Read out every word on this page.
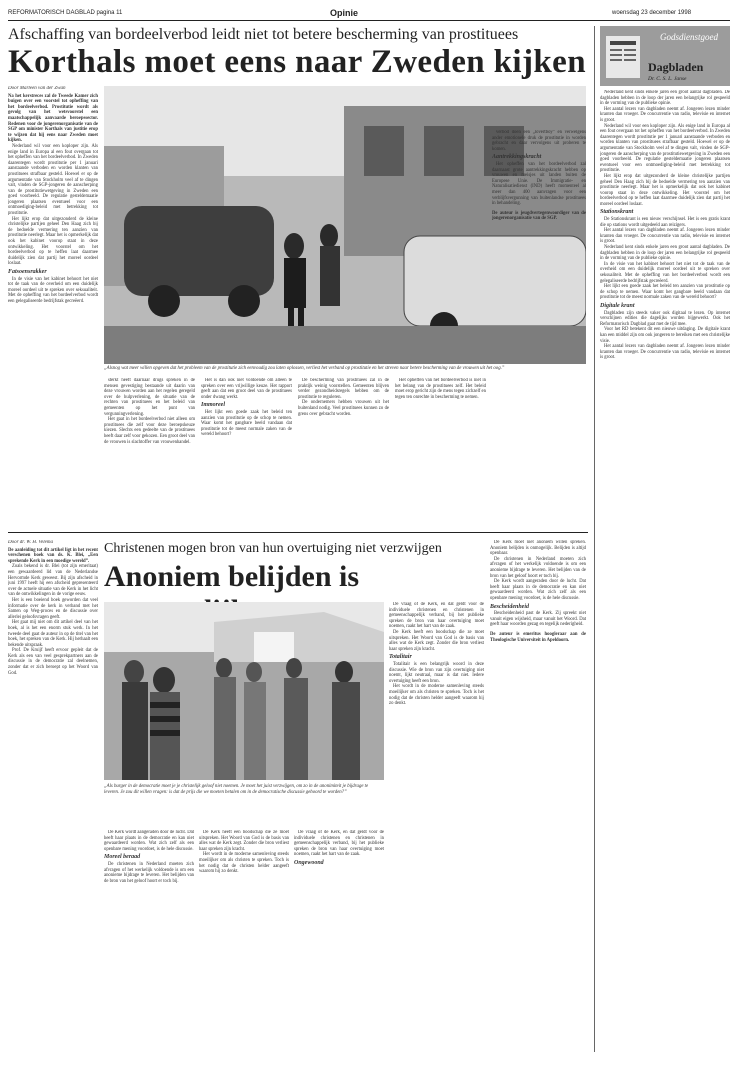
REFORMATORISCH DAGBLAD pagina 11	Opinie	woensdag 23 december 1998
Afschaffing van bordeelverbod leidt niet tot betere bescherming van prostituees
Korthals moet eens naar Zweden kijken
„Alsnog wat meer willen opgeven dat het probleem van de prostitutie zich eenvoudig zou laten oplossen, verliest het verband op prostitutie en het streven naar betere bescherming van de vrouwen uit het oog.”

Door Marleen van der Zwan

Na het kerstreces zal de Tweede Kamer zich buigen over een voorstel tot opheffing van het bordeelverbod. Prostitutie wordt als gevolg van het wetsvoorstel een maatschappelijk aanvaarde beroepssector. Redenen voor de jongerenorganisatie van de SGP om minister Korthals van justitie erop te wijzen dat hij eens naar Zweden moet kijken.

Nederland wil voor een koploper zijn. Als enige land in Europa al een fout overgaan tot het opheffen van het bordeelverbod. In Zweden daarentegen wordt prostitutie per 1 januari aanstaande verboden en worden klanten van prostituees strafbaar gesteld. Hoewel er op de argumentatie van Stockholm veel af te dingen valt, vinden de SGP-jongeren de aanscherping van de prostitutiewetgeving in Zweden een goed voorbeeld. De regulatie gesteldemaatie jongeren plaatsen eventueel voor een ontmoediging-beleid met betrekking tot prostitutie.

Het lijkt erop dat uitgezonderd de kleine christelijke partijen geheel Den Haag zich bij de bedoelde vermering ten aanzien van prostitutie neerlegt. Maar het is opmerkelijk dat ook het kabinet voorop staat in deze ontwikkeling. Het voorstel om het bordeelverbod op te heffen laat daarmee duidelijk zien dat partij het moreel oordeel loslaat.

Fatsoensrakker

In de visie van het kabinet behoort het niet tot de taak van de overheid om een duidelijk moreel oordeel uit te spreken over seksualiteit. Met de opheffing van het bordeelverbod wordt een gelegaliseerde bedrijfstak gecreëerd.

sterkt heeft daarnaar drugs spreken in de mensen gevestiging bestaande uit daarin van deze vrouwen worden aan het regelen geregeld over de hulpverlening, de situatie van de rechten van prostituees en het beleid van gemeenten op het punt van vergunningverlening.

Het gaat in het bordeelverbod niet alleen om prostituees die zelf voor deze beroepskeuze kiezen. Slechts een gedeelte van de prostituees heeft daar zelf voor gekozen. Een groot deel van de vrouwen is slachtoffer van vrouwenhandel.

Het is dan ook niet voldoende om alleen te spreken over een vrijwillige keuze. Het rapport geeft aan dat een groot deel van de prostituees onder dwang werkt.

Immoreel

Het lijkt een goede zaak het beleid ten aanzien van prostitutie op de schop te nemen. Waar komt het gangbare beeld vandaan dat prostitutie tot de meest normale zaken van de wereld behoort?

De bescherming van prostituees zal in de praktijk weinig voorstellen. Gemeenten blijven verder gezondheidsregels hebben om de prostitutie te reguleren.

De ondernemers hebben vrouwen uit het buitenland nodig. Veel prostituees kunnen zo de grens over gebracht worden.

Het opheffen van het bordeelverbod is niet in het belang van de prostituees zelf. Het beleid moet erop gericht zijn de mens tegen zichzelf en tegen ten onrechte in bescherming te nemen.

verbod doen een „lovertboy” en verwelgens ander emotionele druk de prostitutie in worden gebracht en daar vervolgens uit proberen te komen.

Aantrekkingskracht

Het opheffen van het bordeelverbod zal daarnaast grote aantrekkingskracht hebben op vrouwen en meisjes uit landen buiten de Europese Unie. De Immigratie- en Naturalisatiedienst (IND) heeft momenteel al meer dan 400 aanvragen voor een verblijfsvergunning van buitenlandse prostituees in behandeling.

De auteur is jeugdvertegenwoordiger van de jongerenorganisatie van de SGP.

Door dr. W. H. Velema

De aanleiding tot dit artikel ligt in het recent verschenen boek van ds. K. Blei, „Een sprekende Kerk in een moedige wereld”.

Zoals bekend is dr. Blei (tot zijn emeritaat) een gewaardeerd lid van de Nederlandse Hervormde Kerk geweest. Bij zijn afscheid in juni 1997 heeft hij een afscheid gepresenteerd over de actuele situatie van de Kerk in het licht van de ontwikkelingen in de vorige eeuw.

Het is een boeiend boek geworden dat veel informatie over de kerk in verband met het Samen op Weg-proces en de discussie over allerlei geloofsvragen geeft.

Het gaat mij niet om dit artikel deel van het boek, al is het een enorm stuk werk. In het tweede deel gaat de auteur in op de titel van het boek, het spreken van de Kerk. Hij herhaalt een bekende uitspraak.

Prof. De Kruijf heeft ervoor gepleit dat de Kerk als een van veel gesprekpartners aan de discussie in de democratie zal deelnemen, zonder dat er zich beroept op het Woord van God.

Christenen mogen bron van hun overtuiging niet verzwijgen
Anoniem belijden is
„Als burger in de democratie moet je je christelijk geloof niet noemen. Je moet het juist verzwijgen, om zo in de anonimiteit je bijdrage te leveren. Je zou dit willen vragen: is dat de prijs die we moeten betalen om in de democratische discussie gehoord te worden?”

De Kerk wordt aangeraden door de lucht. Dat heeft haar plaats in de democratie en kan niet gewaardeerd worden. Wat zich zelf als een openbare mening voordoet, is de hele discussie.

Moreel beraad

De christenen in Nederland moeten zich afvragen of het werkelijk voldoende is om een anonieme bijdrage te leveren. Het belijden van de bron van het geloof hoort er toch bij.

De Kerk heeft een boodschap die ze moet uitspreken. Het Woord van God is de basis van alles wat de Kerk zegt. Zonder die bron verliest haar spreken zijn kracht.

Het wordt in de moderne samenleving steeds moeilijker om als christen te spreken. Toch is het nodig dat de christen helder aangeeft waarom hij zo denkt.

De vraag of de Kerk, en dat geldt voor de individuele christenen en christenen in gemeenschappelijk verband, bij het publieke spreken de bron van haar overtuiging moet noemen, raakt het hart van de zaak.

Ongewoond

De vraag of de Kerk, en dat geldt voor de individuele christenen en christenen in gemeenschappelijk verband, bij het publieke spreken de bron van haar overtuiging moet noemen, raakt het hart van de zaak.

De Kerk heeft een boodschap die ze moet uitspreken. Het Woord van God is de basis van alles wat de Kerk zegt. Zonder die bron verliest haar spreken zijn kracht.

Totalitair

Totalitair is een belangrijk woord in deze discussie. Wie de bron van zijn overtuiging niet noemt, lijkt neutraal, maar is dat niet. Iedere overtuiging heeft een bron.

Het wordt in de moderne samenleving steeds moeilijker om als christen te spreken. Toch is het nodig dat de christen helder aangeeft waarom hij zo denkt.

De Kerk moet niet anoniem willen spreken. Anoniem belijden is onmogelijk. Belijden is altijd openbaar.

De christenen in Nederland moeten zich afvragen of het werkelijk voldoende is om een anonieme bijdrage te leveren. Het belijden van de bron van het geloof hoort er toch bij.

De Kerk wordt aangeraden door de lucht. Dat heeft haar plaats in de democratie en kan niet gewaardeerd worden. Wat zich zelf als een openbare mening voordoet, is de hele discussie.

Bescheidenheid

Bescheidenheid past de Kerk. Zij spreekt niet vanuit eigen wijsheid, maar vanuit het Woord. Dat geeft haar woorden gezag en tegelijk nederigheid.

De auteur is emeritus hoogleraar aan de Theologische Universiteit in Apeldoorn.

Godsdienstgoed
Dagbladen
Dr. C. S. L. Janse

Nederland kent sinds enkele jaren een groot aantal dagbladen. De dagbladen hebben in de loop der jaren een belangrijke rol gespeeld in de vorming van de publieke opinie.

Het aantal lezers van dagbladen neemt af. Jongeren lezen minder kranten dan vroeger. De concurrentie van radio, televisie en internet is groot.

Nederland wil voor een koploper zijn. Als enige land in Europa al een fout overgaan tot het opheffen van het bordeelverbod. In Zweden daarentegen wordt prostitutie per 1 januari aanstaande verboden en worden klanten van prostituees strafbaar gesteld. Hoewel er op de argumentatie van Stockholm veel af te dingen valt, vinden de SGP-jongeren de aanscherping van de prostitutiewetgeving in Zweden een goed voorbeeld. De regulatie gesteldemaatie jongeren plaatsen eventueel voor een ontmoediging-beleid met betrekking tot prostitutie.

Het lijkt erop dat uitgezonderd de kleine christelijke partijen geheel Den Haag zich bij de bedoelde vermering ten aanzien van prostitutie neerlegt. Maar het is opmerkelijk dat ook het kabinet voorop staat in deze ontwikkeling. Het voorstel om het bordeelverbod op te heffen laat daarmee duidelijk zien dat partij het moreel oordeel loslaat.

Stationskrant

De Stationskrant is een nieuw verschijnsel. Het is een gratis krant die op stations wordt uitgedeeld aan reizigers.

Het aantal lezers van dagbladen neemt af. Jongeren lezen minder kranten dan vroeger. De concurrentie van radio, televisie en internet is groot.

Nederland kent sinds enkele jaren een groot aantal dagbladen. De dagbladen hebben in de loop der jaren een belangrijke rol gespeeld in de vorming van de publieke opinie.

In de visie van het kabinet behoort het niet tot de taak van de overheid om een duidelijk moreel oordeel uit te spreken over seksualiteit. Met de opheffing van het bordeelverbod wordt een gelegaliseerde bedrijfstak gecreëerd.

Het lijkt een goede zaak het beleid ten aanzien van prostitutie op de schop te nemen. Waar komt het gangbare beeld vandaan dat prostitutie tot de meest normale zaken van de wereld behoort?

Digitale krant

Dagbladen zijn steeds vaker ook digitaal te lezen. Op internet verschijnen edities die dagelijks worden bijgewerkt. Ook het Reformatorisch Dagblad gaat met de tijd mee.

Voor het RD betekent dit een nieuwe uitdaging. De digitale krant kan een middel zijn om ook jongeren te bereiken met een christelijke visie.

Het aantal lezers van dagbladen neemt af. Jongeren lezen minder kranten dan vroeger. De concurrentie van radio, televisie en internet is groot.
